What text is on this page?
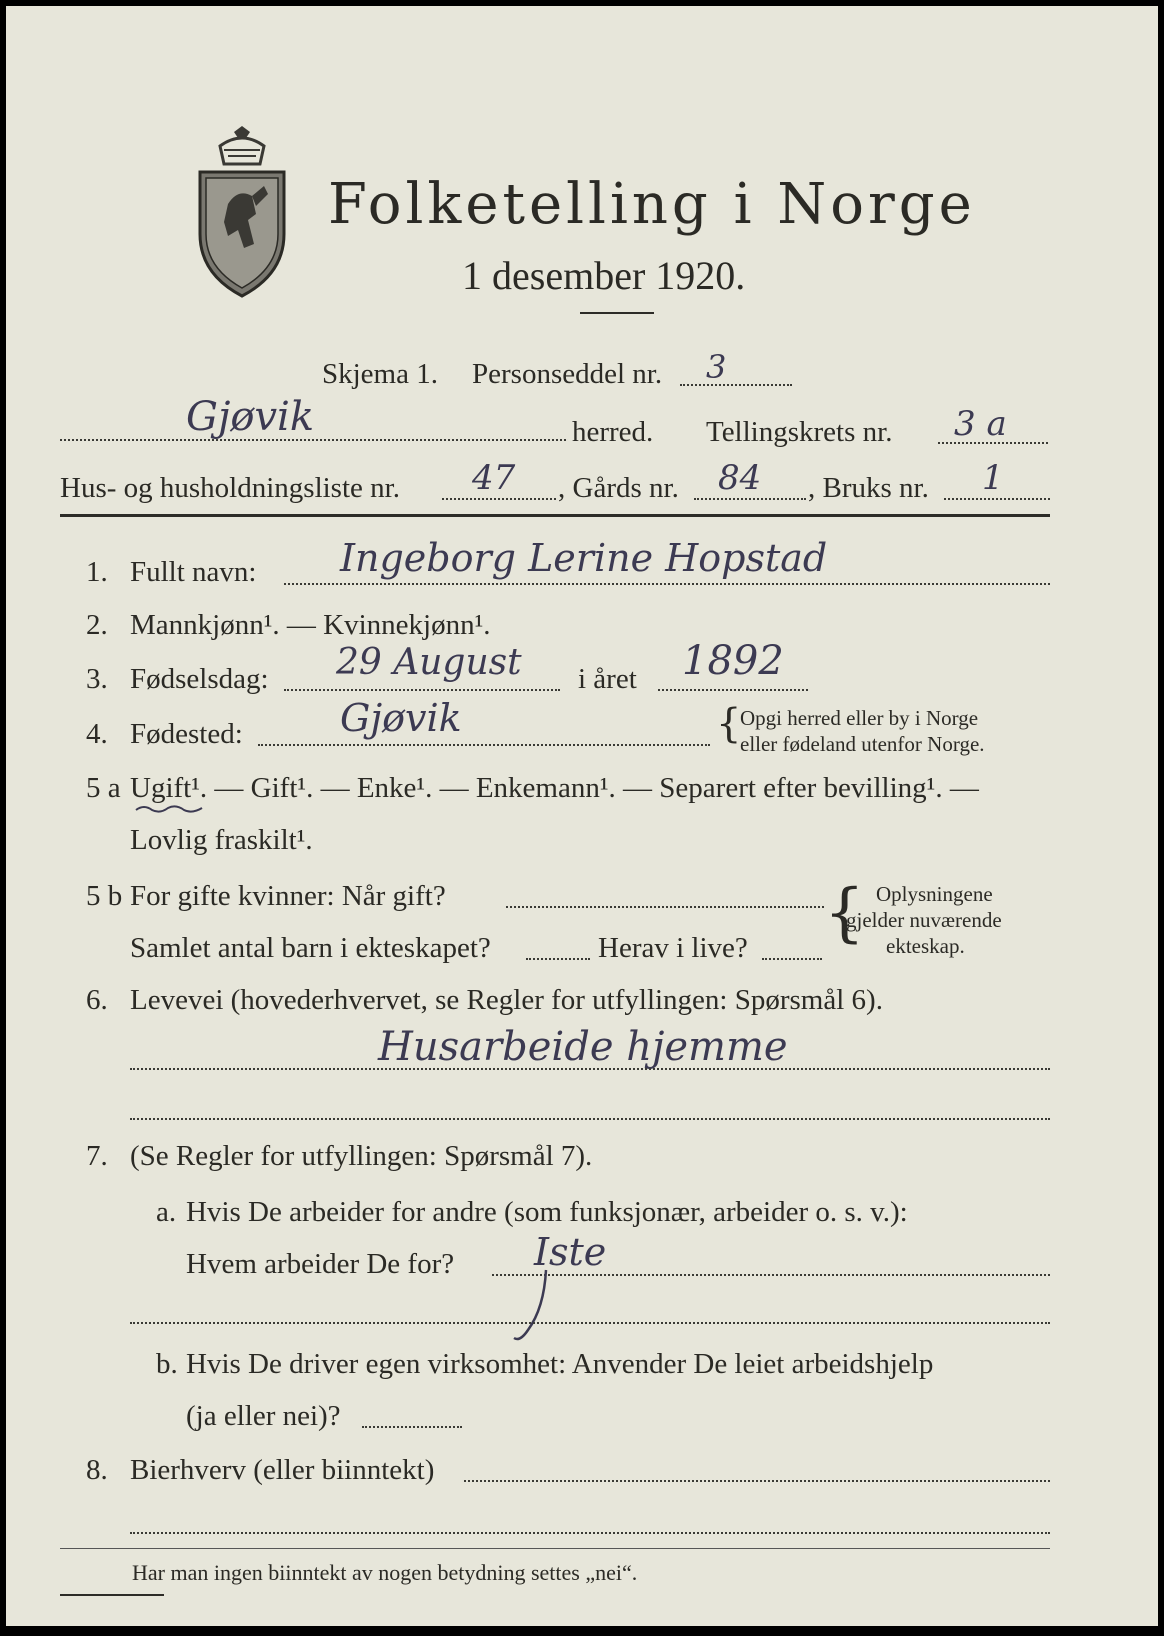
Folketelling i Norge
1 desember 1920.
Skjema 1. Personseddel nr. 3
Gjøvik	herred. Tellingskrets nr. 3 a
Hus- og husholdningsliste nr. 47 , Gårds nr. 84 , Bruks nr. 1
1. Fullt navn: Ingeborg Lerine Hopstad
2. Mannkjønn¹. — Kvinnekjønn¹.
3. Fødselsdag: 29 August i året 1892
4. Fødested:	Gjøvik	{
Opgi herred eller by i Norge
eller fødeland utenfor Norge.
5 a Ugift¹. — Gift¹. — Enke¹. — Enkemann¹. — Separert efter bevilling¹. —
Lovlig fraskilt¹.
5 b For gifte kvinner: Når gift?
Samlet antal barn i ekteskapet?	Herav i live? { Oplysningene
gjelder nuværende
ekteskap.
6. Levevei (hovederhvervet, se Regler for utfyllingen: Spørsmål 6).
Husarbeide hjemme
7. (Se Regler for utfyllingen: Spørsmål 7).
a. Hvis De arbeider for andre (som funksjonær, arbeider o. s. v.):
Hvem arbeider De for? Iste
b. Hvis De driver egen virksomhet: Anvender De leiet arbeidshjelp
(ja eller nei)?
8. Bierhverv (eller biinntekt)
Har man ingen biinntekt av nogen betydning settes „nei“.
